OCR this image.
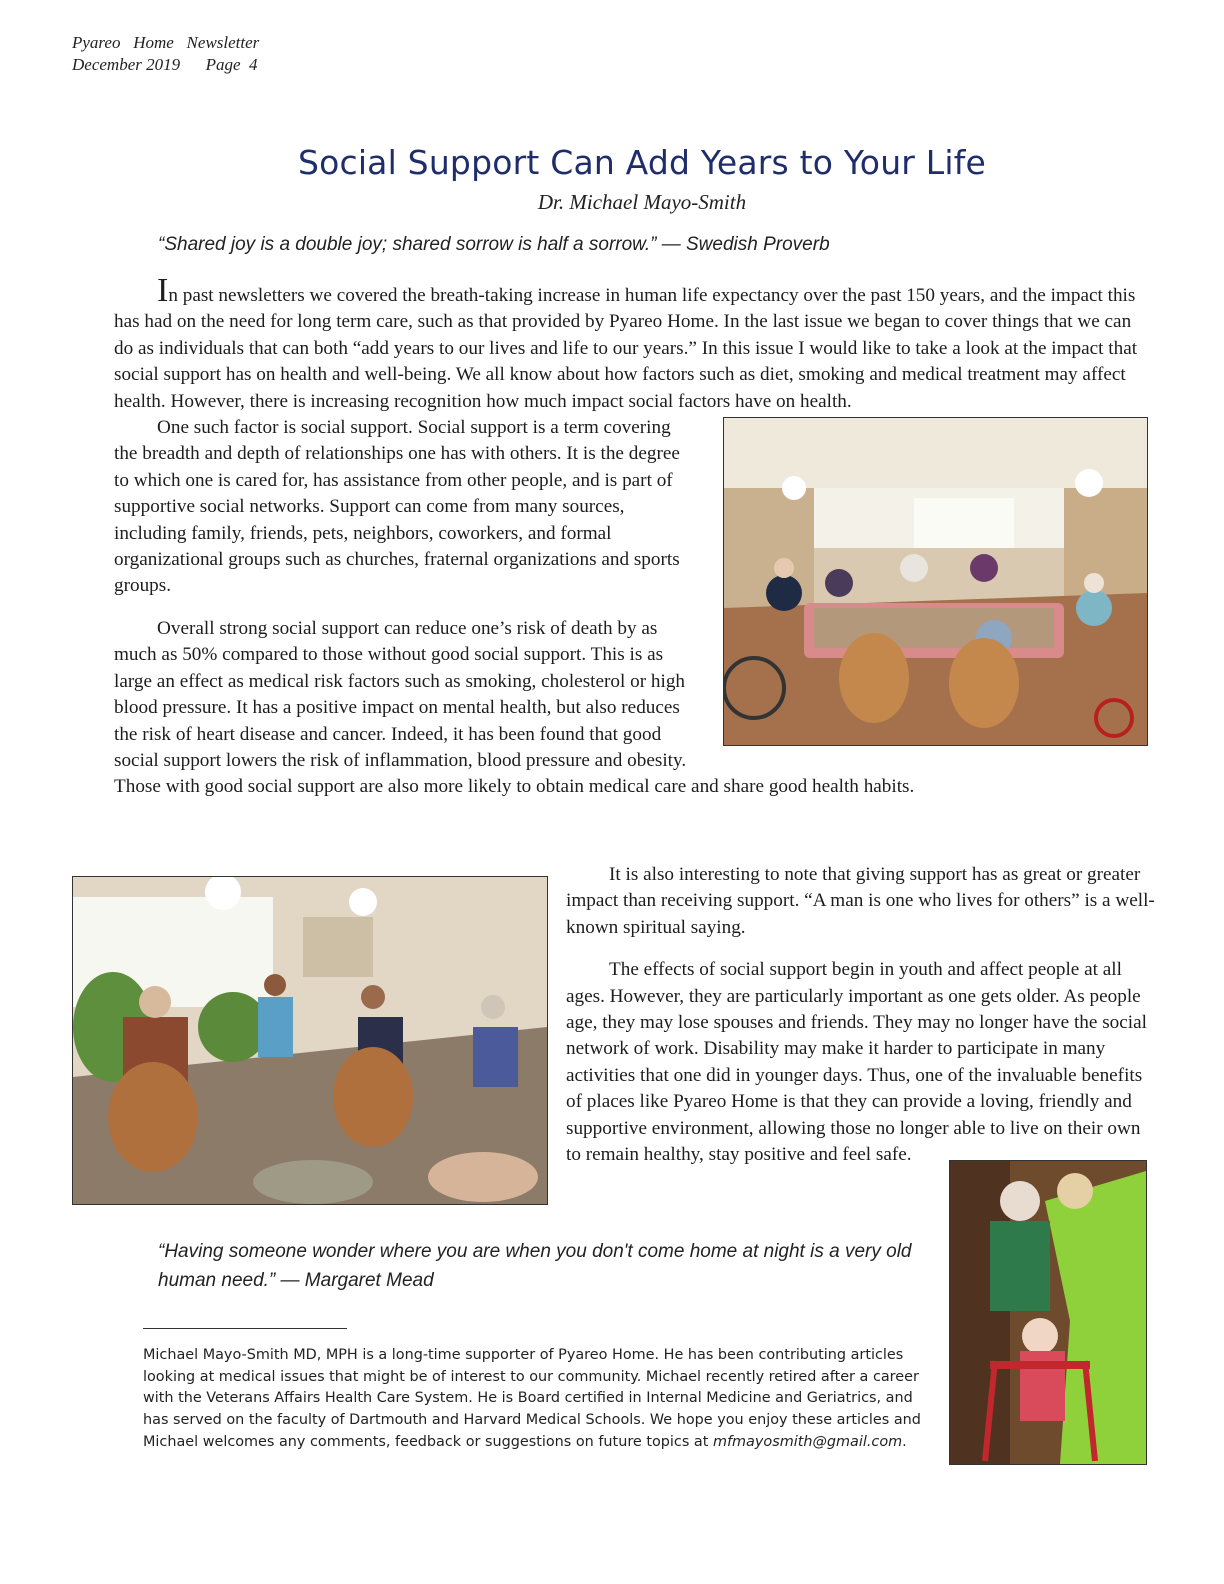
Pyareo   Home   Newsletter
December 2019      Page  4
Social Support Can Add Years to Your Life
Dr. Michael Mayo-Smith
“Shared joy is a double joy; shared sorrow is half a sorrow.” — Swedish Proverb

In past newsletters we covered the breath-taking increase in human life expectancy over the past 150 years, and the impact this has had on the need for long term care, such as that provided by Pyareo Home. In the last issue we began to cover things that we can do as individuals that can both “add years to our lives and life to our years.” In this issue I would like to take a look at the impact that social support has on health and well-being. We all know about how factors such as diet, smoking and medical treatment may affect health. However, there is increasing recognition how much impact social factors have on health.

One such factor is social support. Social support is a term covering the breadth and depth of relationships one has with others. It is the degree to which one is cared for, has assistance from other people, and is part of supportive social networks. Support can come from many sources, including family, friends, pets, neighbors, coworkers, and formal organizational groups such as churches, fraternal organizations and sports groups.

Overall strong social support can reduce one’s risk of death by as much as 50% compared to those without good social support. This is as large an effect as medical risk factors such as smoking, cholesterol or high blood pressure. It has a positive impact on mental health, but also reduces the risk of heart disease and cancer. Indeed, it has been found that good social support lowers the risk of inflammation, blood pressure and obesity. Those with good social support are also more likely to obtain medical care and share good health habits.

It is also interesting to note that giving support has as great or greater impact than receiving support. “A man is one who lives for others” is a well-known spiritual saying.

The effects of social support begin in youth and affect people at all ages. However, they are particularly important as one gets older. As people age, they may lose spouses and friends. They may no longer have the social network of work. Disability may make it harder to participate in many activities that one did in younger days. Thus, one of the invaluable benefits of places like Pyareo Home is that they can provide a loving, friendly and supportive environment, allowing those no longer able to live on their own to remain healthy, stay positive and feel safe.

“Having someone wonder where you are when you don't come home at night is a very old human need.” — Margaret Mead
Michael Mayo-Smith MD, MPH is a long-time supporter of Pyareo Home. He has been contributing articles looking at medical issues that might be of interest to our community. Michael recently retired after a career with the Veterans Affairs Health Care System. He is Board certified in Internal Medicine and Geriatrics, and has served on the faculty of Dartmouth and Harvard Medical Schools. We hope you enjoy these articles and Michael welcomes any comments, feedback or suggestions on future topics at mfmayosmith@gmail.com.
